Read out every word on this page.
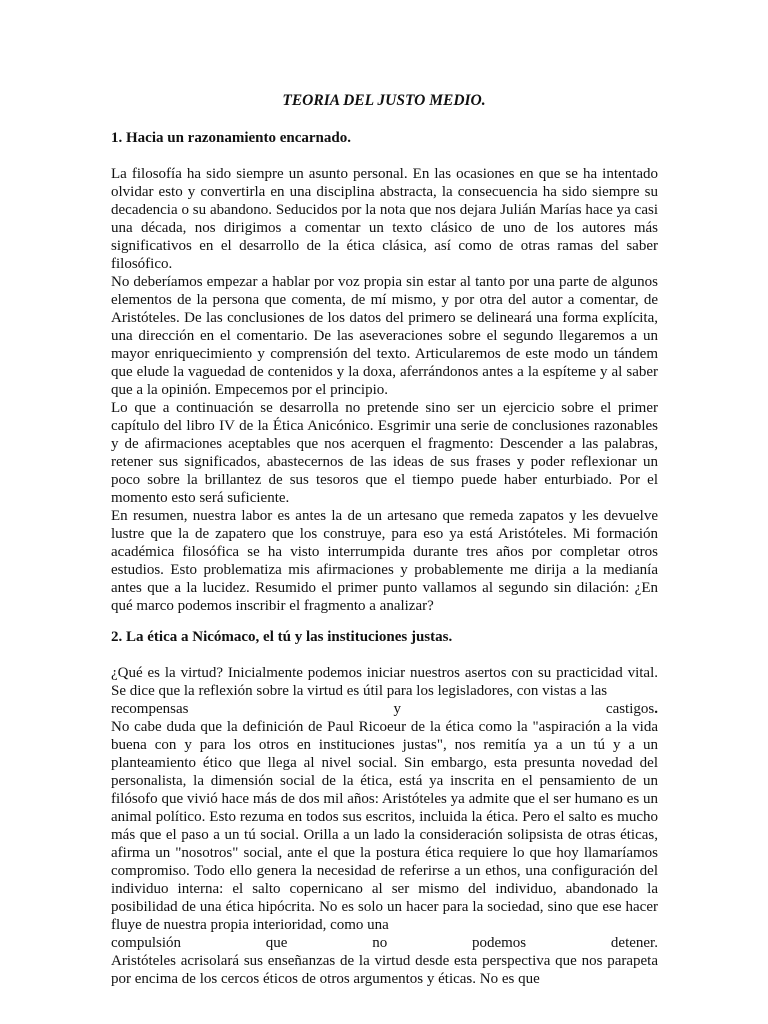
TEORIA DEL JUSTO MEDIO.
1. Hacia un razonamiento encarnado.

La filosofía ha sido siempre un asunto personal. En las ocasiones en que se ha intentado olvidar esto y convertirla en una disciplina abstracta, la consecuencia ha sido siempre su decadencia o su abandono. Seducidos por la nota que nos dejara Julián Marías hace ya casi una década, nos dirigimos a comentar un texto clásico de uno de los autores más significativos en el desarrollo de la ética clásica, así como de otras ramas del saber filosófico.

No deberíamos empezar a hablar por voz propia sin estar al tanto por una parte de algunos elementos de la persona que comenta, de mí mismo, y por otra del autor a comentar, de Aristóteles. De las conclusiones de los datos del primero se delineará una forma explícita, una dirección en el comentario. De las aseveraciones sobre el segundo llegaremos a un mayor enriquecimiento y comprensión del texto. Articularemos de este modo un tándem que elude la vaguedad de contenidos y la doxa, aferrándonos antes a la espíteme y al saber que a la opinión. Empecemos por el principio.

Lo que a continuación se desarrolla no pretende sino ser un ejercicio sobre el primer capítulo del libro IV de la Ética Anicónico. Esgrimir una serie de conclusiones razonables y de afirmaciones aceptables que nos acerquen el fragmento: Descender a las palabras, retener sus significados, abastecernos de las ideas de sus frases y poder reflexionar un poco sobre la brillantez de sus tesoros que el tiempo puede haber enturbiado. Por el momento esto será suficiente.

En resumen, nuestra labor es antes la de un artesano que remeda zapatos y les devuelve lustre que la de zapatero que los construye, para eso ya está Aristóteles. Mi formación académica filosófica se ha visto interrumpida durante tres años por completar otros estudios. Esto problematiza mis afirmaciones y probablemente me dirija a la medianía antes que a la lucidez. Resumido el primer punto vallamos al segundo sin dilación: ¿En qué marco podemos inscribir el fragmento a analizar?

2. La ética a Nicómaco, el tú y las instituciones justas.

¿Qué es la virtud? Inicialmente podemos iniciar nuestros asertos con su practicidad vital. Se dice que la reflexión sobre la virtud es útil para los legisladores, con vistas a las

recompensas	y	castigos.

No cabe duda que la definición de Paul Ricoeur de la ética como la "aspiración a la vida buena con y para los otros en instituciones justas", nos remitía ya a un tú y a un planteamiento ético que llega al nivel social. Sin embargo, esta presunta novedad del personalista, la dimensión social de la ética, está ya inscrita en el pensamiento de un filósofo que vivió hace más de dos mil años: Aristóteles ya admite que el ser humano es un animal político. Esto rezuma en todos sus escritos, incluida la ética. Pero el salto es mucho más que el paso a un tú social. Orilla a un lado la consideración solipsista de otras éticas, afirma un "nosotros" social, ante el que la postura ética requiere lo que hoy llamaríamos compromiso. Todo ello genera la necesidad de referirse a un ethos, una configuración del individuo interna: el salto copernicano al ser mismo del individuo, abandonado la posibilidad de una ética hipócrita. No es solo un hacer para la sociedad, sino que ese hacer fluye de nuestra propia interioridad, como una

compulsión	que	no	podemos	detener.

Aristóteles acrisolará sus enseñanzas de la virtud desde esta perspectiva que nos parapeta por encima de los cercos éticos de otros argumentos y éticas. No es que
